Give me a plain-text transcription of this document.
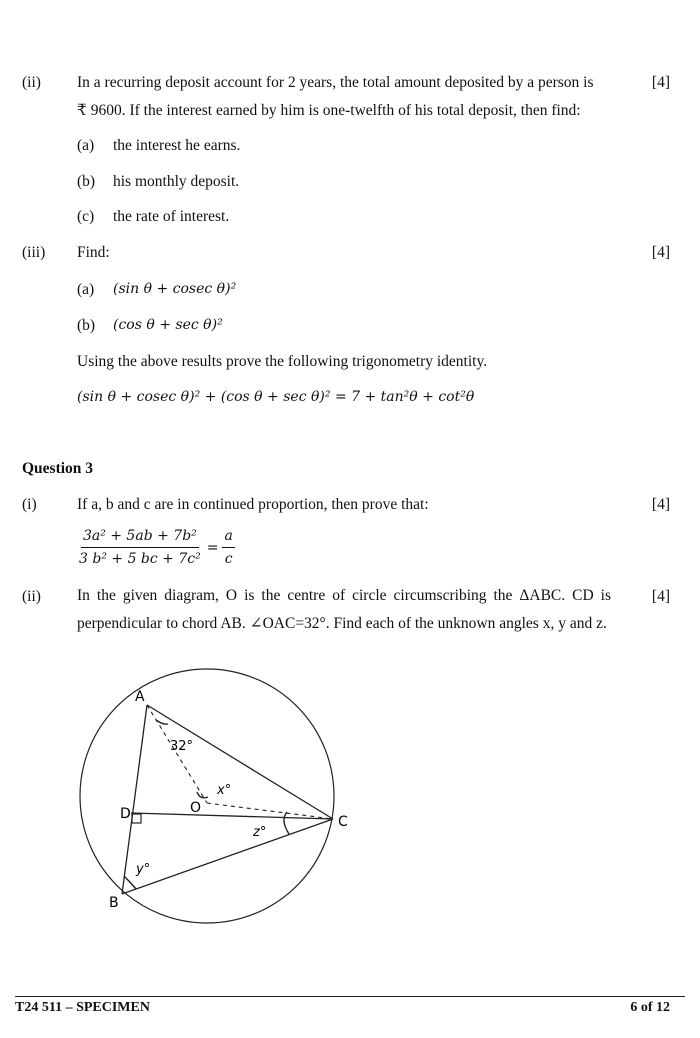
(ii) In a recurring deposit account for 2 years, the total amount deposited by a person is	[4]
₹ 9600. If the interest earned by him is one-twelfth of his total deposit, then find:
(a) the interest he earns.
(b) his monthly deposit.
(c) the rate of interest.
(iii) Find:	[4]
(a) (sin θ + cosec θ)²
(b) (cos θ + sec θ)²
Using the above results prove the following trigonometry identity.
(sin θ + cosec θ)² + (cos θ + sec θ)² = 7 + tan²θ + cot²θ
Question 3
(i)	If a, b and c are in continued proportion, then prove that:	[4]
$\frac{\text{3a² + 5ab + 7b²}}{\text{3 b² + 5 bc + 7c²}} = \frac{a}{c}$
(ii) In the given diagram, O is the centre of circle circumscribing the ΔABC. CD is perpendicular to chord AB. ∠OAC=32°. Find each of the unknown angles x, y and z.
[4]
A
B
C
D	O
32°
x°
z°
y°
T24 511 – SPECIMEN	6 of 12
